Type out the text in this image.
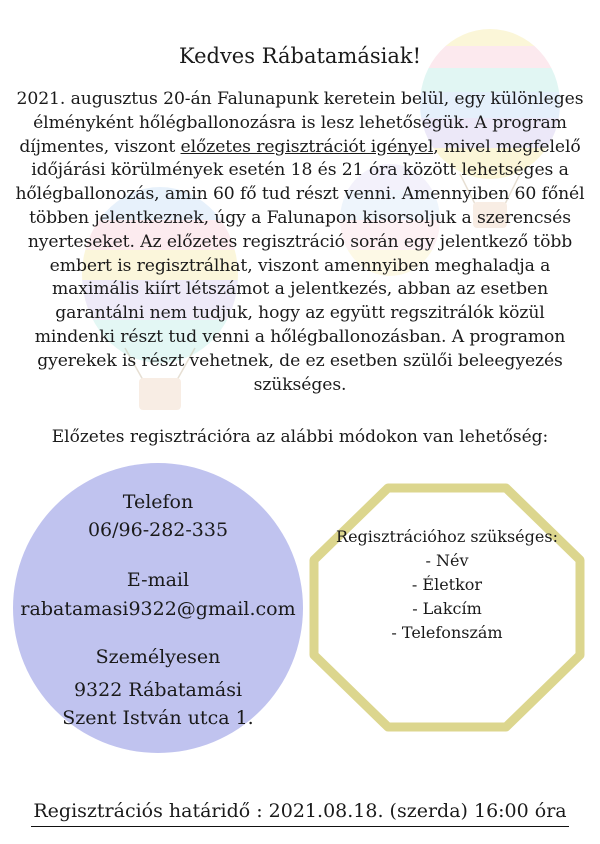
Kedves Rábatamásiak!
2021. augusztus 20-án Falunapunk keretein belül, egy különleges
élményként hőlégballonozásra is lesz lehetőségük. A program
díjmentes, viszont előzetes regisztrációt igényel, mivel megfelelő
időjárási körülmények esetén 18 és 21 óra között lehetséges a
hőlégballonozás, amin 60 fő tud részt venni. Amennyiben 60 főnél
többen jelentkeznek, úgy a Falunapon kisorsoljuk a szerencsés
nyerteseket. Az előzetes regisztráció során egy jelentkező több
embert is regisztrálhat, viszont amennyiben meghaladja a
maximális kiírt létszámot a jelentkezés, abban az esetben
garantálni nem tudjuk, hogy az együtt regszitrálók közül
mindenki részt tud venni a hőlégballonozásban. A programon
gyerekek is részt vehetnek, de ez esetben szülői beleegyezés
szükséges.
Előzetes regisztrációra az alábbi módokon van lehetőség:
Telefon
06/96-282-335
E-mail
rabatamasi9322@gmail.com
Személyesen
9322 Rábatamási
Szent István utca 1.
Regisztrációhoz szükséges:
- Név
- Életkor
- Lakcím
- Telefonszám
Regisztrációs határidő : 2021.08.18. (szerda) 16:00 óra
